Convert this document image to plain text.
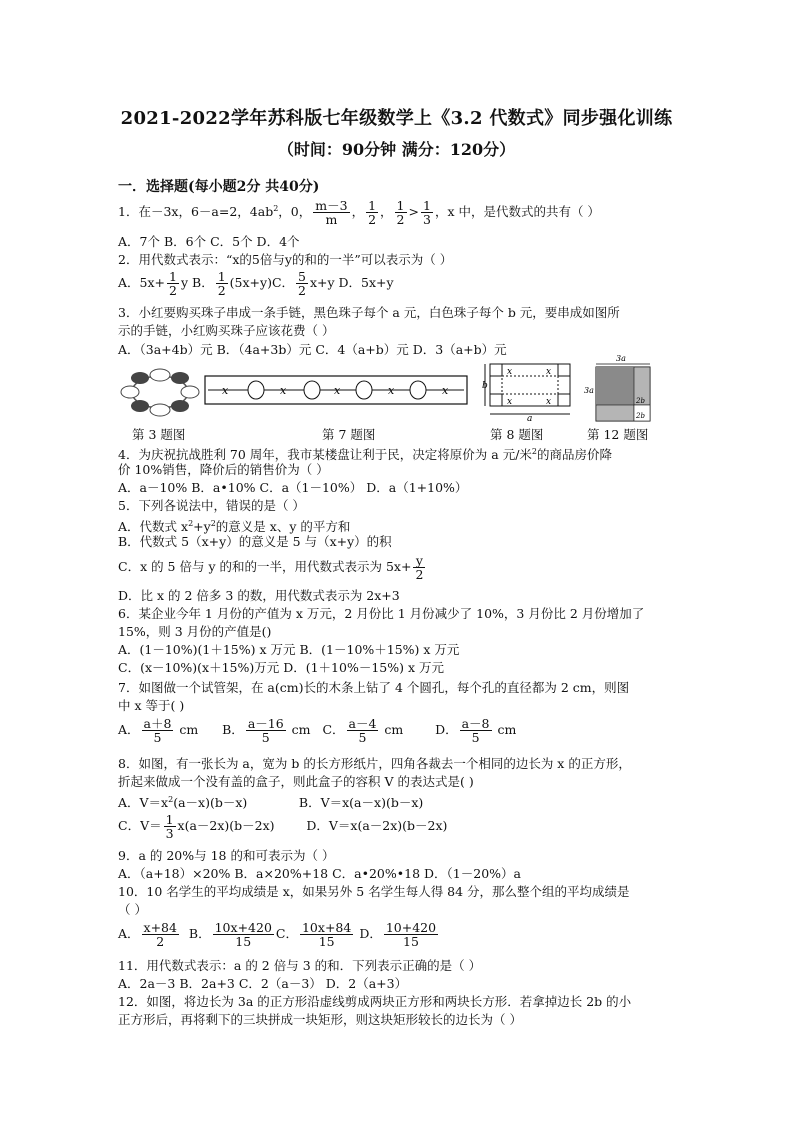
2021-2022学年苏科版七年级数学上《3.2 代数式》同步强化训练
（时间：90分钟 满分：120分）
一．选择题(每小题2分 共40分)
1．在－3x，6－a=2，$4ab^2$，0， $\frac{m-3}{m}$ ， $\frac{1}{2}$ ， $\frac{1}{2} > \frac{1}{3}$ ，x 中，是代数式的共有（ ）
A．7个 B．6个 C．5个 D．4个
2．用代数式表示：“x的5倍与y的和的一半”可以表示为（ ）
A．$5x+ \frac{1}{2}$ y B． $\frac{1}{2} (5x+y)C$． $\frac{5}{2} x+y$ D．5x+y
3．小红要购买珠子串成一条手链，黑色珠子每个 a 元，白色珠子每个 b 元，要串成如图所
示的手链，小红购买珠子应该花费（ ）
A．（3a+4b）元 B．（4a+3b）元 C．4（a+b）元 D．3（a+b）元
x	x	x	x	x
x	x
x	x
b
a
3a
3a
2b
2b
第 3 题图	第 7 题图	第 8 题图	第 12 题图
4．为庆祝抗战胜利 70 周年，我市某楼盘让利于民，决定将原价为 a 元/米$^2$的商品房价降
价 10%销售，降价后的销售价为（ ）
A．a－10% B．a•10% C．a（1－10%） D．a（1+10%）
5．下列各说法中，错误的是（ ）
A．代数式 $x^2+y^2$的意义是 x、y 的平方和
B．代数式 5（x+y）的意义是 5 与（x+y）的积
C．x 的 5 倍与 y 的和的一半，用代数式表示为 $5x+ \frac{y}{2}$
D．比 x 的 2 倍多 3 的数，用代数式表示为 2x+3
6．某企业今年 1 月份的产值为 x 万元，2 月份比 1 月份减少了 10%，3 月份比 2 月份增加了
15%，则 3 月份的产值是()
A．(1－10%)(1＋15%) x 万元 B．(1－10%＋15%) x 万元
C．(x－10%)(x＋15%)万元 D．(1＋10%－15%) x 万元
7．如图做一个试管架，在 a(cm)长的木条上钻了 4 个圆孔，每个孔的直径都为 2 cm，则图
中 x 等于( )
A． $\frac{a+8}{5}$ cm B． $\frac{a-16}{5}$ cm C． $\frac{a-4}{5}$ cm	D． $\frac{a-8}{5}$ cm
8．如图，有一张长为 a，宽为 b 的长方形纸片，四角各裁去一个相同的边长为 x 的正方形，
折起来做成一个没有盖的盒子，则此盒子的容积 V 的表达式是( )
A．$V=x^2(a-x)(b-x)$	B．V＝x(a－x)(b－x)
C．$V= \frac{1}{3} x(a-2x)(b-2x)$	D．V＝x(a－2x)(b－2x)
9．a 的 20%与 18 的和可表示为（ ）
A．（a+18）×20% B．a×20%+18 C．a•20%•18 D．（1－20%）a
10．10 名学生的平均成绩是 x，如果另外 5 名学生每人得 84 分，那么整个组的平均成绩是
（ ）
A． $\frac{x+84}{2}$ B． $\frac{10x+420}{15}$ C． $\frac{10x+84}{15}$ D． $\frac{10+420}{15}$
11．用代数式表示：a 的 2 倍与 3 的和．下列表示正确的是（ ）
A．2a－3 B．2a+3 C．2（a－3） D．2（a+3）
12．如图，将边长为 3a 的正方形沿虚线剪成两块正方形和两块长方形．若拿掉边长 2b 的小
正方形后，再将剩下的三块拼成一块矩形，则这块矩形较长的边长为（ ）
